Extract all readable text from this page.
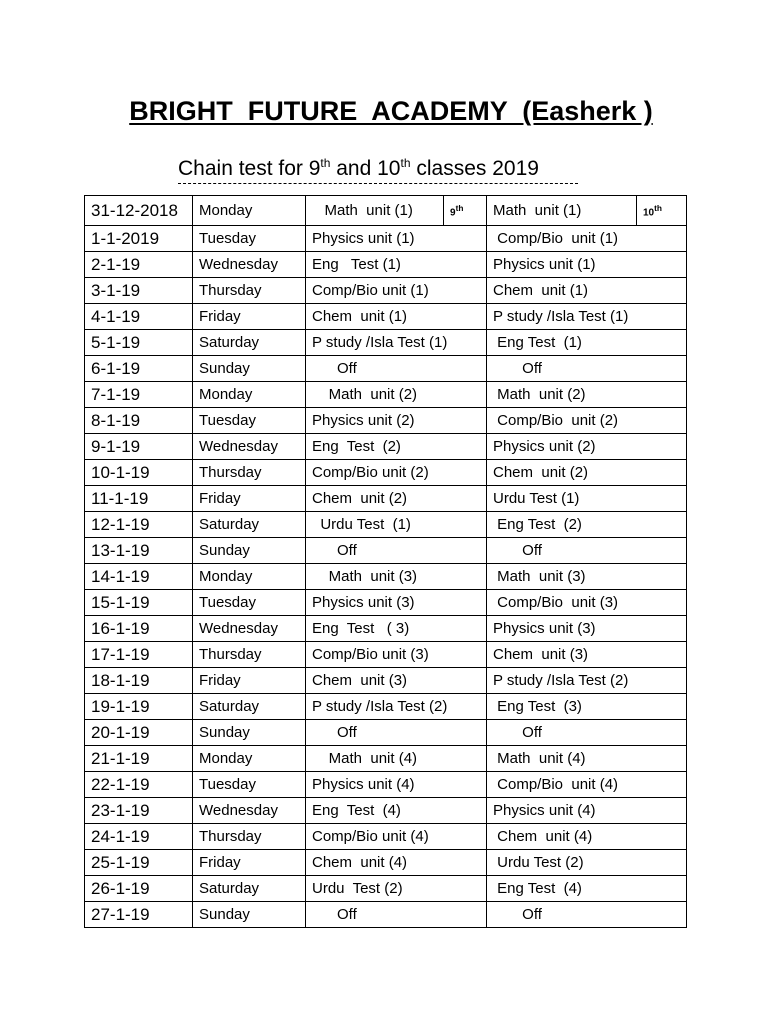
BRIGHT  FUTURE  ACADEMY  (Easherk )
Chain test for 9th and 10th classes 2019
31-12-2018	Monday	Math  unit (1)	9th	Math  unit (1)	10th
1-1-2019	Tuesday	Physics unit (1)		Comp/Bio  unit (1)	
2-1-19	Wednesday	Eng   Test (1)		Physics unit (1)	
3-1-19	Thursday	Comp/Bio unit (1)		Chem  unit (1)	
4-1-19	Friday	Chem  unit (1)		P study /Isla Test (1)	
5-1-19	Saturday	P study /Isla Test (1)		Eng Test  (1)	
6-1-19	Sunday	Off		Off	
7-1-19	Monday	Math  unit (2)		Math  unit (2)	
8-1-19	Tuesday	Physics unit (2)		Comp/Bio  unit (2)	
9-1-19	Wednesday	Eng  Test  (2)		Physics unit (2)	
10-1-19	Thursday	Comp/Bio unit (2)		Chem  unit (2)	
11-1-19	Friday	Chem  unit (2)		Urdu Test (1)	
12-1-19	Saturday	Urdu Test  (1)		Eng Test  (2)	
13-1-19	Sunday	Off		Off	
14-1-19	Monday	Math  unit (3)		Math  unit (3)	
15-1-19	Tuesday	Physics unit (3)		Comp/Bio  unit (3)	
16-1-19	Wednesday	Eng  Test   ( 3)		Physics unit (3)	
17-1-19	Thursday	Comp/Bio unit (3)		Chem  unit (3)	
18-1-19	Friday	Chem  unit (3)		P study /Isla Test (2)	
19-1-19	Saturday	P study /Isla Test (2)		Eng Test  (3)	
20-1-19	Sunday	Off		Off	
21-1-19	Monday	Math  unit (4)		Math  unit (4)	
22-1-19	Tuesday	Physics unit (4)		Comp/Bio  unit (4)	
23-1-19	Wednesday	Eng  Test  (4)		Physics unit (4)	
24-1-19	Thursday	Comp/Bio unit (4)		Chem  unit (4)	
25-1-19	Friday	Chem  unit (4)		Urdu Test (2)	
26-1-19	Saturday	Urdu  Test (2)		Eng Test  (4)	
27-1-19	Sunday	Off		Off	
